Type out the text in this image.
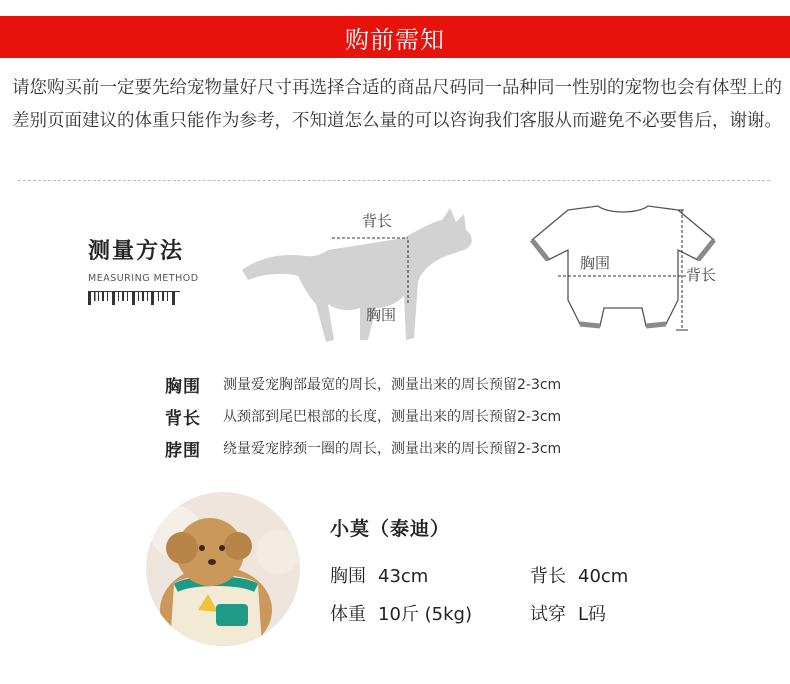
购前需知

请您购买前一定要先给宠物量好尺寸再选择合适的商品尺码同一品种同一性别的宠物也会有体型上的差别页面建议的体重只能作为参考，不知道怎么量的可以咨询我们客服从而避免不必要售后，谢谢。

测量方法
MEASURING METHOD
背长
胸围
胸围
背长
胸围	测量爱宠胸部最宽的周长，测量出来的周长预留2-3cm
背长	从颈部到尾巴根部的长度，测量出来的周长预留2-3cm
脖围	绕量爱宠脖颈一圈的周长，测量出来的周长预留2-3cm
小莫（泰迪）
胸围 43cm	背长 40cm
体重 10斤 (5kg)	试穿 L码
